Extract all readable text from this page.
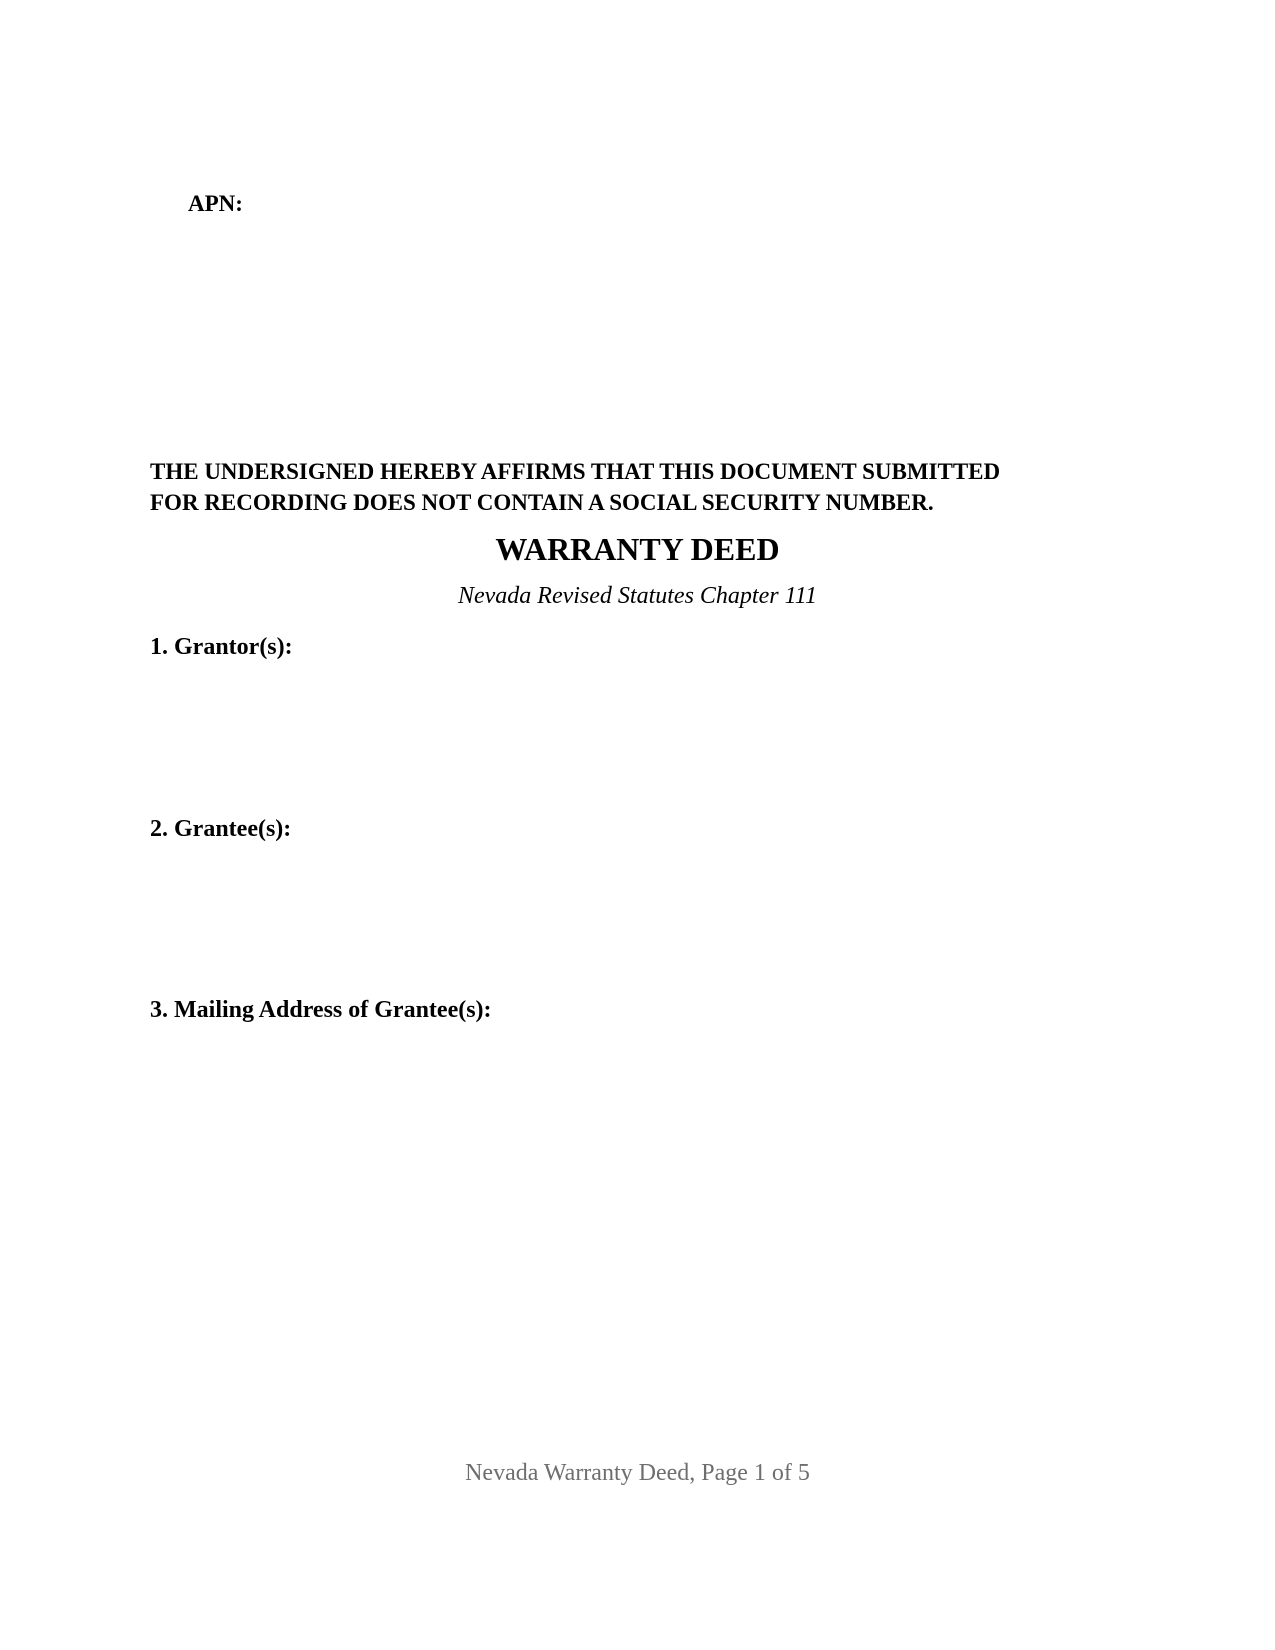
APN:
THE UNDERSIGNED HEREBY AFFIRMS THAT THIS DOCUMENT SUBMITTED
FOR RECORDING DOES NOT CONTAIN A SOCIAL SECURITY NUMBER.
WARRANTY DEED
Nevada Revised Statutes Chapter 111
1. Grantor(s):
2. Grantee(s):
3. Mailing Address of Grantee(s):
Nevada Warranty Deed, Page 1 of 5
